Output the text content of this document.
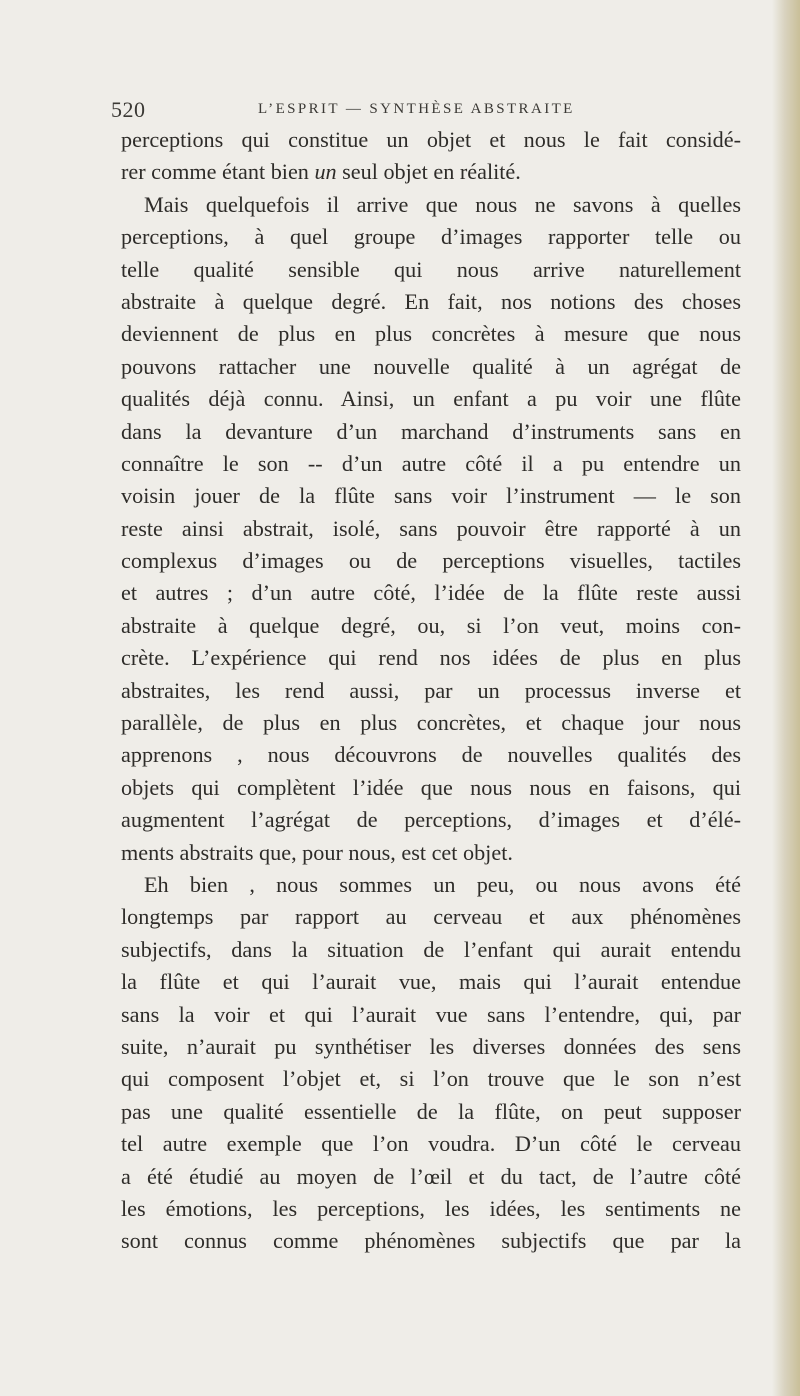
520	L’ESPRIT — SYNTHÈSE ABSTRAITE
perceptions qui constitue un objet et nous le fait considé-
rer comme étant bien un seul objet en réalité.
Mais quelquefois il arrive que nous ne savons à quelles
perceptions, à quel groupe d’images rapporter telle ou
telle qualité sensible qui nous arrive naturellement
abstraite à quelque degré. En fait, nos notions des choses
deviennent de plus en plus concrètes à mesure que nous
pouvons rattacher une nouvelle qualité à un agrégat de
qualités déjà connu. Ainsi, un enfant a pu voir une flûte
dans la devanture d’un marchand d’instruments sans en
connaître le son -- d’un autre côté il a pu entendre un
voisin jouer de la flûte sans voir l’instrument — le son
reste ainsi abstrait, isolé, sans pouvoir être rapporté à un
complexus d’images ou de perceptions visuelles, tactiles
et autres ; d’un autre côté, l’idée de la flûte reste aussi
abstraite à quelque degré, ou, si l’on veut, moins con-
crète. L’expérience qui rend nos idées de plus en plus
abstraites, les rend aussi, par un processus inverse et
parallèle, de plus en plus concrètes, et chaque jour nous
apprenons , nous découvrons de nouvelles qualités des
objets qui complètent l’idée que nous nous en faisons, qui
augmentent l’agrégat de perceptions, d’images et d’élé-
ments abstraits que, pour nous, est cet objet.
Eh bien , nous sommes un peu, ou nous avons été
longtemps par rapport au cerveau et aux phénomènes
subjectifs, dans la situation de l’enfant qui aurait entendu
la flûte et qui l’aurait vue, mais qui l’aurait entendue
sans la voir et qui l’aurait vue sans l’entendre, qui, par
suite, n’aurait pu synthétiser les diverses données des sens
qui composent l’objet et, si l’on trouve que le son n’est
pas une qualité essentielle de la flûte, on peut supposer
tel autre exemple que l’on voudra. D’un côté le cerveau
a été étudié au moyen de l’œil et du tact, de l’autre côté
les émotions, les perceptions, les idées, les sentiments ne
sont connus comme phénomènes subjectifs que par la
